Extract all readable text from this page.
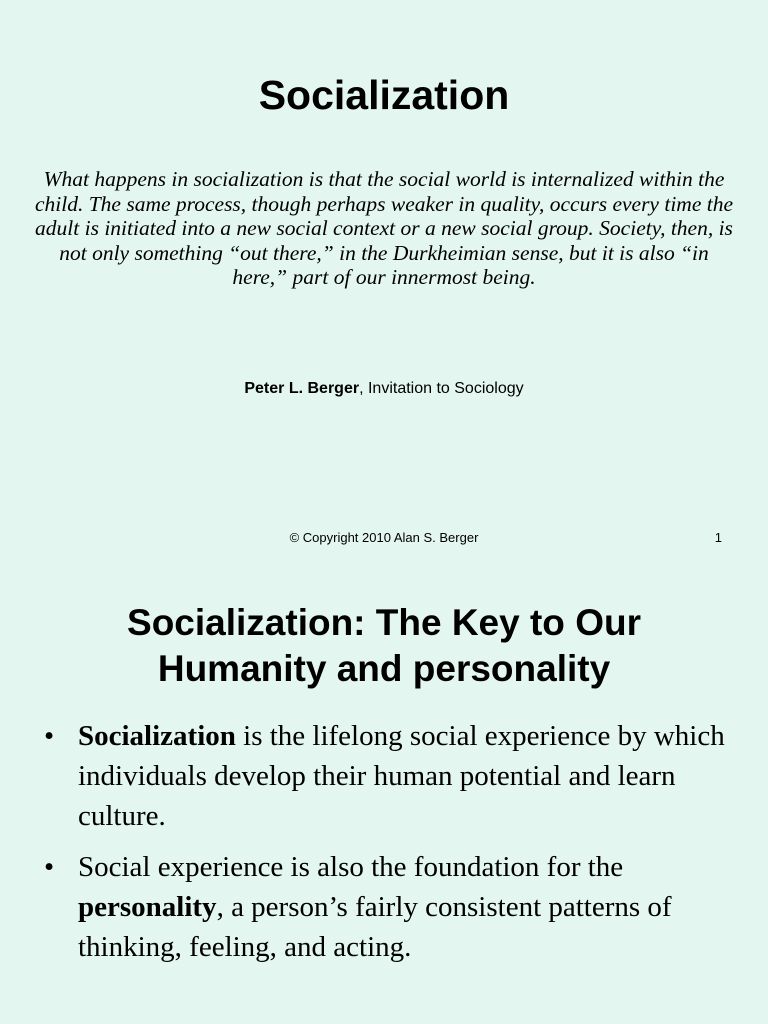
Socialization

What happens in socialization is that the social world is internalized within the child. The same process, though perhaps weaker in quality, occurs every time the adult is initiated into a new social context or a new social group. Society, then, is not only something “out there,” in the Durkheimian sense, but it is also “in here,” part of our innermost being.

Peter L. Berger, Invitation to Sociology

© Copyright 2010 Alan S. Berger	1
Socialization: The Key to Our
Humanity and personality
• Socialization is the lifelong social experience by which individuals develop their human potential and learn culture.
• Social experience is also the foundation for the personality, a person’s fairly consistent patterns of thinking, feeling, and acting.
